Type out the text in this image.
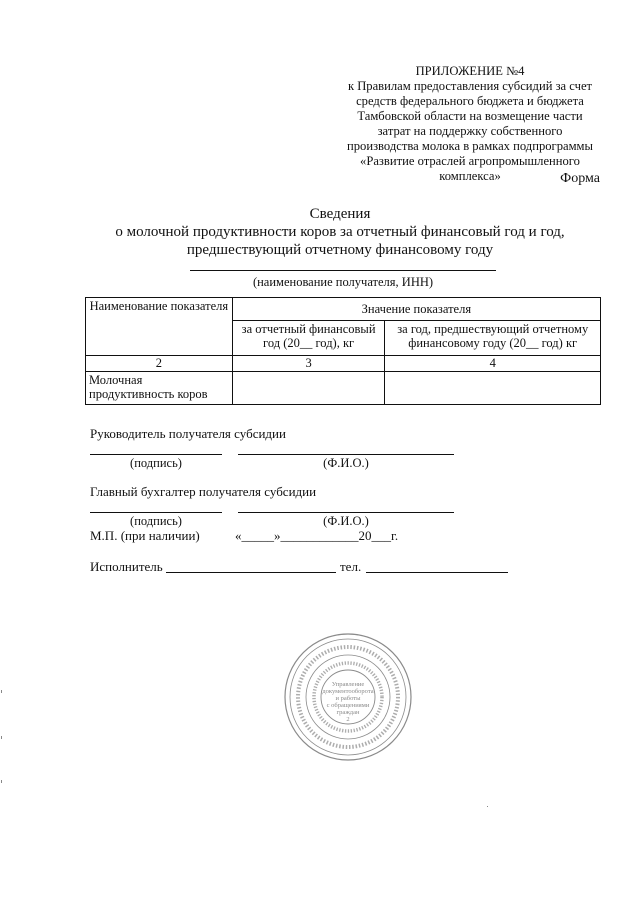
ПРИЛОЖЕНИЕ №4
к Правилам предоставления субсидий за счет
средств федерального бюджета и бюджета
Тамбовской области на возмещение части
затрат на поддержку собственного
производства молока в рамках подпрограммы
«Развитие отраслей агропромышленного
комплекса»	Форма
Сведения
о молочной продуктивности коров за отчетный финансовый год и год,
предшествующий отчетному финансовому году
(наименование получателя, ИНН)
Наименование показателя	Значение показателя	
	за отчетный финансовый год (20__ год), кг	за год, предшествующий отчетному финансовому году (20__ год) кг
2	3	4
Молочная продуктивность коров		
Руководитель получателя субсидии
(подпись)	(Ф.И.О.)
Главный бухгалтер получателя субсидии
(подпись)	(Ф.И.О.)
М.П. (при наличии)	«_____»____________20___г.
Исполнитель	тел.
Управление
документооборота
и работы
с обращениями
граждан
2
